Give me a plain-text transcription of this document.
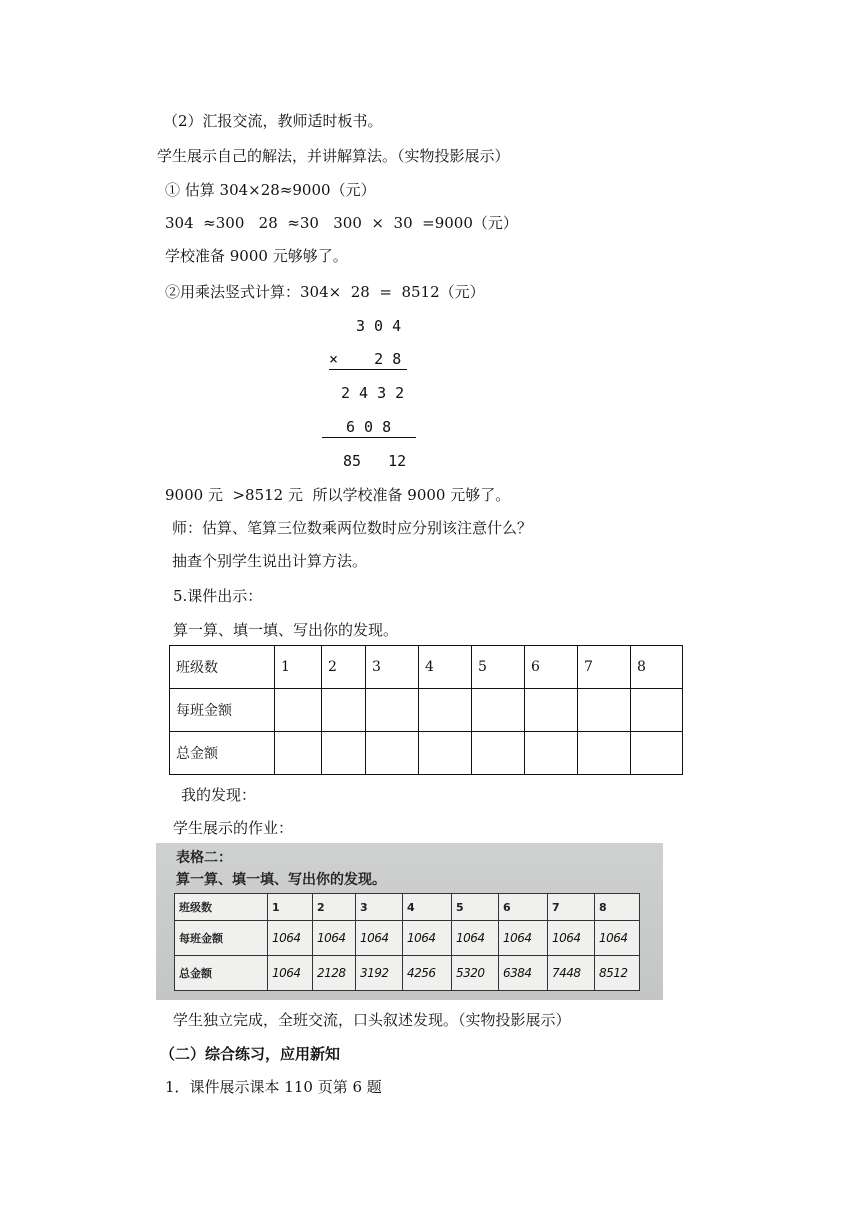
（2）汇报交流，教师适时板书。
学生展示自己的解法，并讲解算法。（实物投影展示）
① 估算 304×28≈9000（元）
304  ≈300   28  ≈30   300  ×  30  =9000（元）
学校准备 9000 元够够了。
②用乘法竖式计算：304×  28  =  8512（元）
3 0 4
×    2 8
2 4 3 2
6 0 8
85   12
9000 元  >8512 元  所以学校准备 9000 元够了。
师：估算、笔算三位数乘两位数时应分别该注意什么？
抽查个别学生说出计算方法。
5.课件出示：
算一算、填一填、写出你的发现。
班级数	1	2	3	4	5	6	7	8
每班金额								
总金额								
我的发现：
学生展示的作业：
表格二：
算一算、填一填、写出你的发现。
班级数	1	2	3	4	5	6	7	8
每班金额	1064	1064	1064	1064	1064	1064	1064	1064
总金额	1064	2128	3192	4256	5320	6384	7448	8512
学生独立完成，全班交流，口头叙述发现。（实物投影展示）
（二）综合练习，应用新知
1．课件展示课本 110 页第 6 题
